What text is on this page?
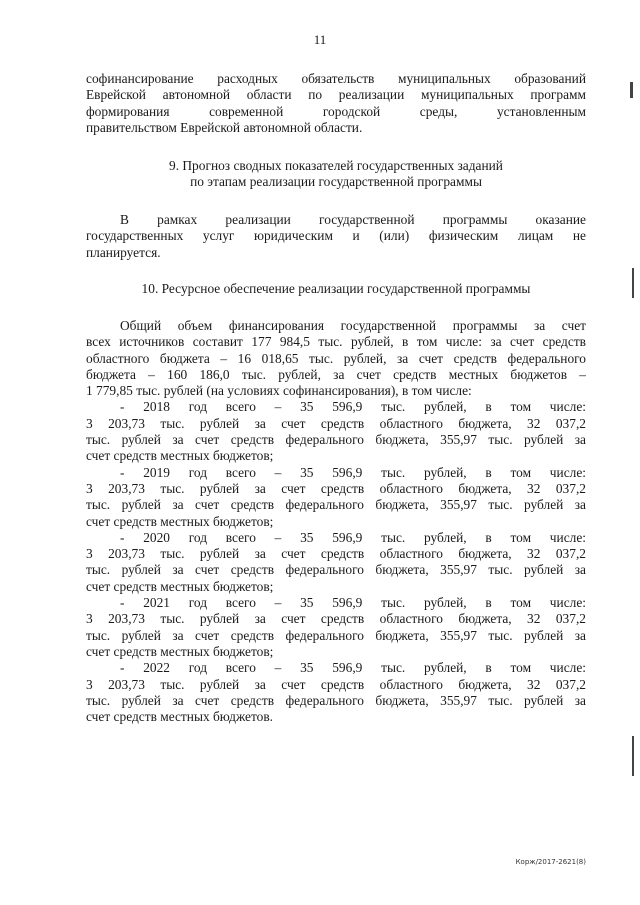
11
софинансирование расходных обязательств муниципальных образований
Еврейской автономной области по реализации муниципальных программ
формирования современной городской среды, установленным
правительством Еврейской автономной области.
9. Прогноз сводных показателей государственных заданий
по этапам реализации государственной программы
В рамках реализации государственной программы оказание
государственных услуг юридическим и (или) физическим лицам не
планируется.
10. Ресурсное обеспечение реализации государственной программы
Общий объем финансирования государственной программы за счет
всех источников составит 177 984,5 тыс. рублей, в том числе: за счет средств
областного бюджета – 16 018,65 тыс. рублей, за счет средств федерального
бюджета – 160 186,0 тыс. рублей, за счет средств местных бюджетов –
1 779,85 тыс. рублей (на условиях софинансирования), в том числе:
- 2018 год всего – 35 596,9 тыс. рублей, в том числе:
3 203,73 тыс. рублей за счет средств областного бюджета, 32 037,2
тыс. рублей за счет средств федерального бюджета, 355,97 тыс. рублей за
счет средств местных бюджетов;
- 2019 год всего – 35 596,9 тыс. рублей, в том числе:
3 203,73 тыс. рублей за счет средств областного бюджета, 32 037,2
тыс. рублей за счет средств федерального бюджета, 355,97 тыс. рублей за
счет средств местных бюджетов;
- 2020 год всего – 35 596,9 тыс. рублей, в том числе:
3 203,73 тыс. рублей за счет средств областного бюджета, 32 037,2
тыс. рублей за счет средств федерального бюджета, 355,97 тыс. рублей за
счет средств местных бюджетов;
- 2021 год всего – 35 596,9 тыс. рублей, в том числе:
3 203,73 тыс. рублей за счет средств областного бюджета, 32 037,2
тыс. рублей за счет средств федерального бюджета, 355,97 тыс. рублей за
счет средств местных бюджетов;
- 2022 год всего – 35 596,9 тыс. рублей, в том числе:
3 203,73 тыс. рублей за счет средств областного бюджета, 32 037,2
тыс. рублей за счет средств федерального бюджета, 355,97 тыс. рублей за
счет средств местных бюджетов.
Корж/2017-2621(8)
